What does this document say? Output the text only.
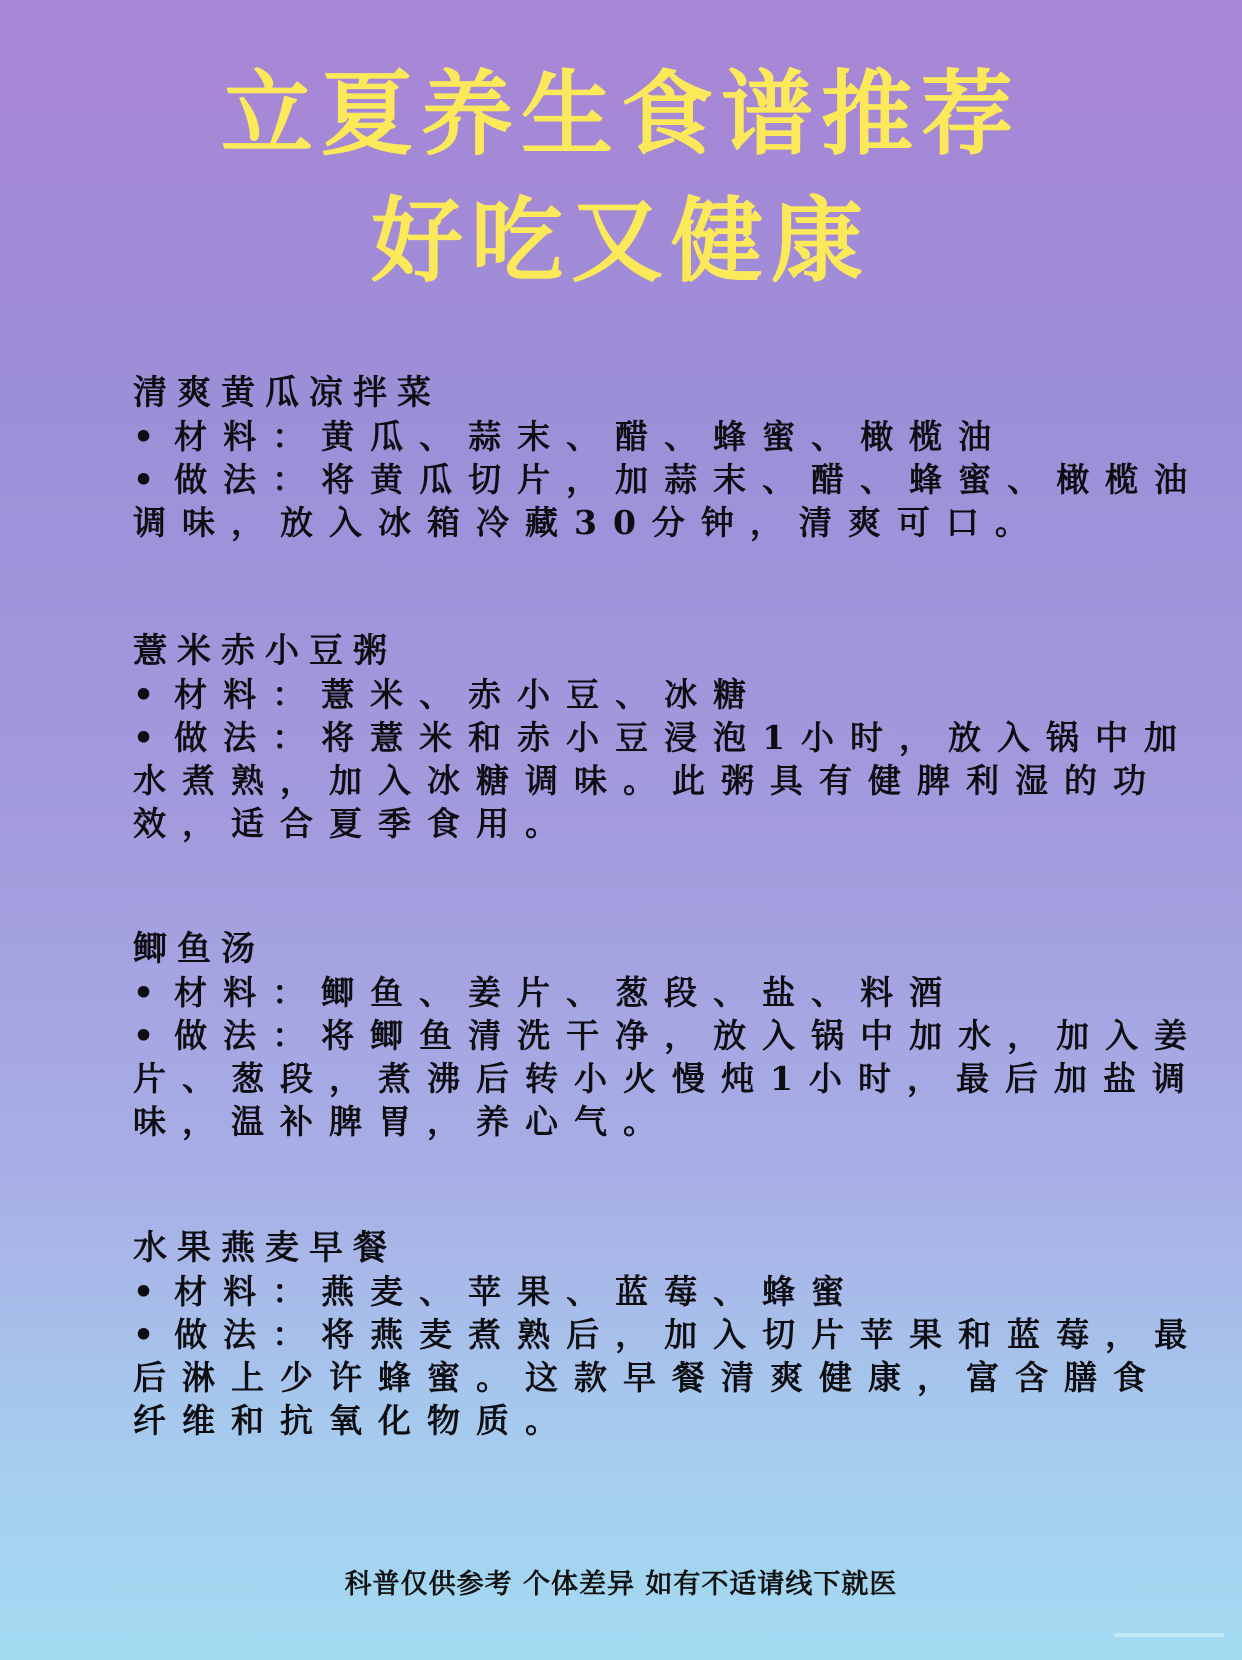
立夏养生食谱推荐
好吃又健康
清爽黄瓜凉拌菜
• 材料：黄瓜、蒜末、醋、蜂蜜、橄榄油
• 做法：将黄瓜切片，加蒜末、醋、蜂蜜、橄榄油调味，放入冰箱冷藏30分钟，清爽可口。
薏米赤小豆粥
• 材料：薏米、赤小豆、冰糖
• 做法：将薏米和赤小豆浸泡1小时，放入锅中加水煮熟，加入冰糖调味。此粥具有健脾利湿的功效，适合夏季食用。
鲫鱼汤
• 材料：鲫鱼、姜片、葱段、盐、料酒
• 做法：将鲫鱼清洗干净，放入锅中加水，加入姜片、葱段，煮沸后转小火慢炖1小时，最后加盐调味，温补脾胃，养心气。
水果燕麦早餐
• 材料：燕麦、苹果、蓝莓、蜂蜜
• 做法：将燕麦煮熟后，加入切片苹果和蓝莓，最后淋上少许蜂蜜。这款早餐清爽健康，富含膳食纤维和抗氧化物质。
科普仅供参考 个体差异 如有不适请线下就医
